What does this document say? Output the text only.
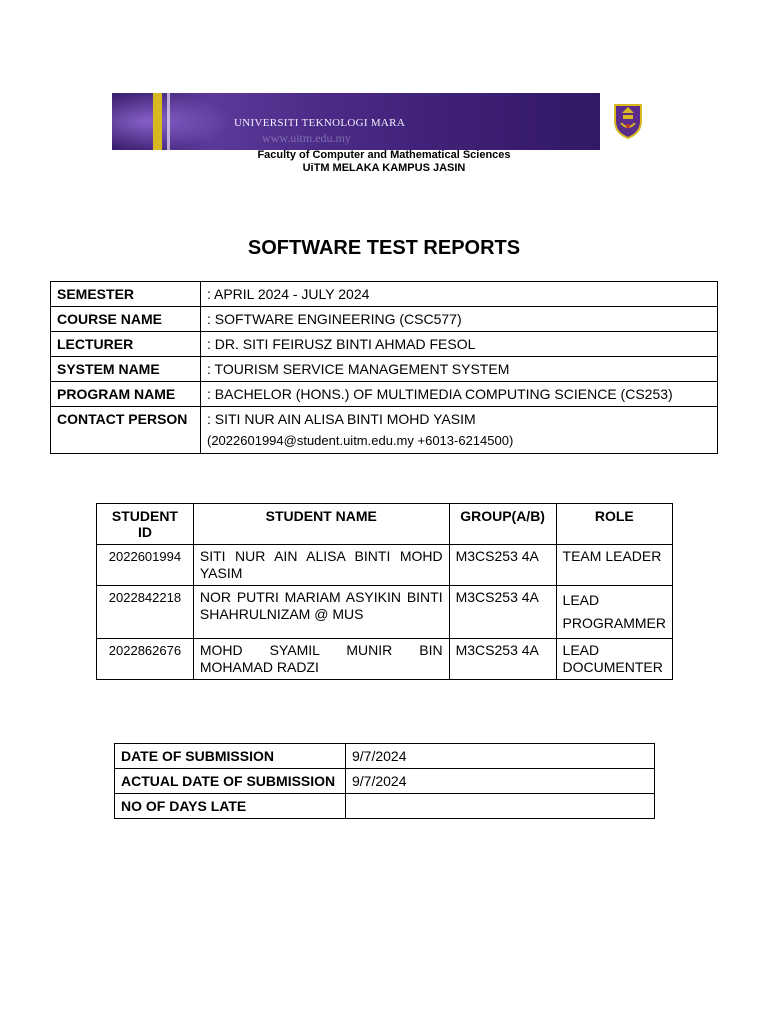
UNIVERSITI TEKNOLOGI MARA
www.uitm.edu.my
Faculty of Computer and Mathematical Sciences
UiTM MELAKA KAMPUS JASIN
SOFTWARE TEST REPORTS
SEMESTER	: APRIL 2024 - JULY 2024
COURSE NAME	: SOFTWARE ENGINEERING (CSC577)
LECTURER	: DR. SITI FEIRUSZ BINTI AHMAD FESOL
SYSTEM NAME	: TOURISM SERVICE MANAGEMENT SYSTEM
PROGRAM NAME	: BACHELOR (HONS.) OF MULTIMEDIA COMPUTING SCIENCE (CS253)
CONTACT PERSON	: SITI NUR AIN ALISA BINTI MOHD YASIM
(2022601994@student.uitm.edu.my +6013-6214500)
STUDENT ID	STUDENT NAME	GROUP(A/B)	ROLE
2022601994	SITI NUR AIN ALISA BINTI MOHD YASIM	M3CS253 4A	TEAM LEADER
2022842218	NOR PUTRI MARIAM ASYIKIN BINTI SHAHRULNIZAM @ MUS	M3CS253 4A	LEAD PROGRAMMER
2022862676	MOHD SYAMIL MUNIR BIN MOHAMAD RADZI	M3CS253 4A	LEAD DOCUMENTER
DATE OF SUBMISSION	9/7/2024
ACTUAL DATE OF SUBMISSION	9/7/2024
NO OF DAYS LATE	
